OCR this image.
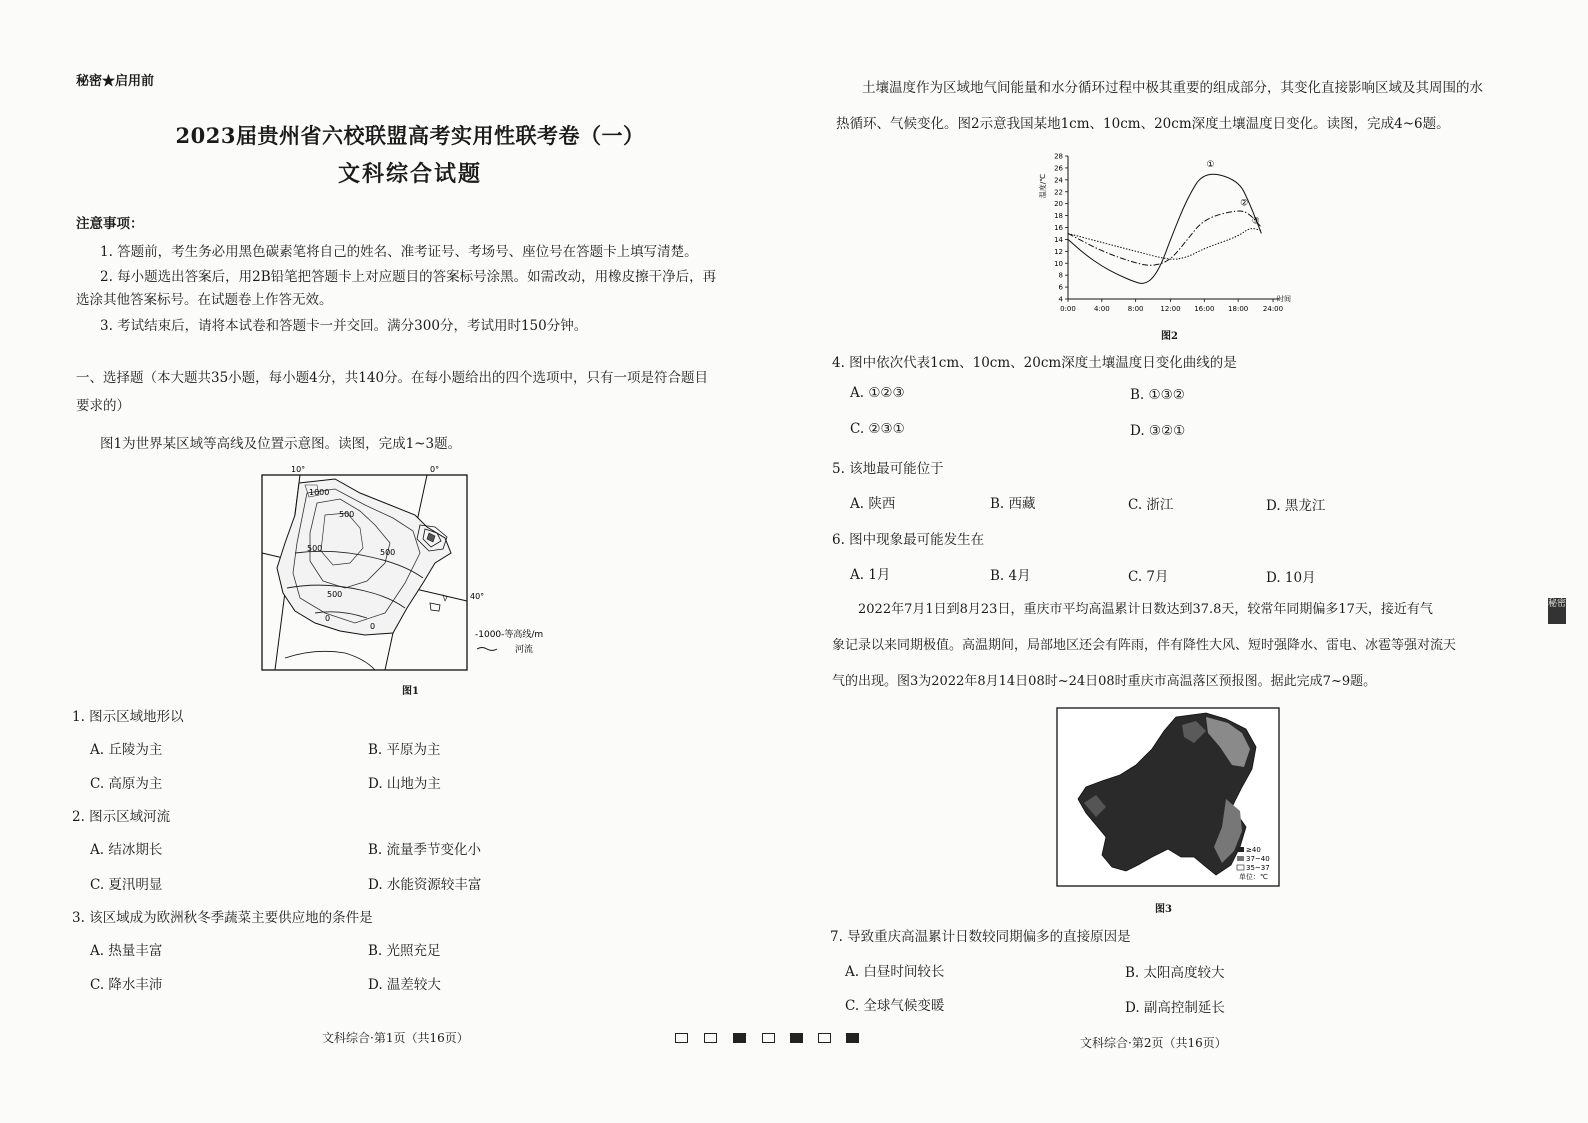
秘密★启用前
2023届贵州省六校联盟高考实用性联考卷（一）
文科综合试题
注意事项：
1. 答题前，考生务必用黑色碳素笔将自己的姓名、准考证号、考场号、座位号在答题卡上填写清楚。
2. 每小题选出答案后，用2B铅笔把答题卡上对应题目的答案标号涂黑。如需改动，用橡皮擦干净后，再
选涂其他答案标号。在试题卷上作答无效。
3. 考试结束后，请将本试卷和答题卡一并交回。满分300分，考试用时150分钟。
一、选择题（本大题共35小题，每小题4分，共140分。在每小题给出的四个选项中，只有一项是符合题目
要求的）
图1为世界某区域等高线及位置示意图。读图，完成1~3题。
10°	0°
40°
1000
500
500	500
500
0
0
-1000-等高线/m
河流
图1
1. 图示区域地形以
A. 丘陵为主	B. 平原为主
C. 高原为主	D. 山地为主
2. 图示区域河流
A. 结冰期长	B. 流量季节变化小
C. 夏汛明显	D. 水能资源较丰富
3. 该区域成为欧洲秋冬季蔬菜主要供应地的条件是
A. 热量丰富	B. 光照充足
C. 降水丰沛	D. 温差较大
文科综合·第1页（共16页）
土壤温度作为区域地气间能量和水分循环过程中极其重要的组成部分，其变化直接影响区域及其周围的水
热循环、气候变化。图2示意我国某地1cm、10cm、20cm深度土壤温度日变化。读图，完成4~6题。
4
6
8
10
12
14
16
18
20
22
24
26
28
0:00	4:00	8:00 12:00 16:00 18:00 24:00
温度/℃
时间
①
②
③
图2
4. 图中依次代表1cm、10cm、20cm深度土壤温度日变化曲线的是
A. ①②③	B. ①③②
C. ②③①	D. ③②①
5. 该地最可能位于
A. 陕西	B. 西藏	C. 浙江	D. 黑龙江
6. 图中现象最可能发生在
A. 1月	B. 4月	C. 7月	D. 10月
2022年7月1日到8月23日，重庆市平均高温累计日数达到37.8天，较常年同期偏多17天，接近有气
象记录以来同期极值。高温期间，局部地区还会有阵雨，伴有降性大风、短时强降水、雷电、冰雹等强对流天
气的出现。图3为2022年8月14日08时~24日08时重庆市高温落区预报图。据此完成7~9题。
≥40
37~40
35~37
单位：℃
图3
7. 导致重庆高温累计日数较同期偏多的直接原因是
A. 白昼时间较长	B. 太阳高度较大
C. 全球气候变暖	D. 副高控制延长
文科综合·第2页（共16页）
秘密
